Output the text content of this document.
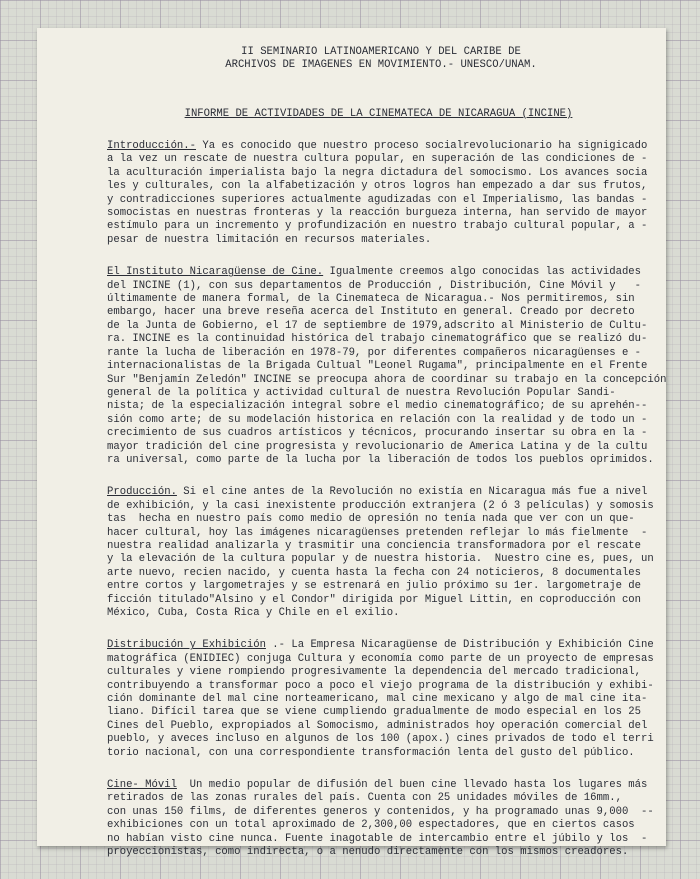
II SEMINARIO LATINOAMERICANO Y DEL CARIBE DE
ARCHIVOS DE IMAGENES EN MOVIMIENTO.- UNESCO/UNAM.
INFORME DE ACTIVIDADES DE LA CINEMATECA DE NICARAGUA (INCINE)
Introducción.- Ya es conocido que nuestro proceso socialrevolucionario ha signigicado
a la vez un rescate de nuestra cultura popular, en superación de las condiciones de -
la aculturación imperialista bajo la negra dictadura del somocismo. Los avances socia
les y culturales, con la alfabetización y otros logros han empezado a dar sus frutos,
y contradicciones superiores actualmente agudizadas con el Imperialismo, las bandas -
somocistas en nuestras fronteras y la reacción burgueza interna, han servido de mayor
estímulo para un incremento y profundización en nuestro trabajo cultural popular, a -
pesar de nuestra limitación en recursos materiales.
El Instituto Nicaragüense de Cine. Igualmente creemos algo conocidas las actividades
del INCINE (1), con sus departamentos de Producción , Distribución, Cine Móvil y   -
últimamente de manera formal, de la Cinemateca de Nicaragua.- Nos permitiremos, sin
embargo, hacer una breve reseña acerca del Instituto en general. Creado por decreto
de la Junta de Gobierno, el 17 de septiembre de 1979,adscrito al Ministerio de Cultu-
ra. INCINE es la continuidad histórica del trabajo cinematográfico que se realizó du-
rante la lucha de liberación en 1978-79, por diferentes compañeros nicaragüenses e -
internacionalistas de la Brigada Cultual "Leonel Rugama", principalmente en el Frente
Sur "Benjamín Zeledón" INCINE se preocupa ahora de coordinar su trabajo en la concepción
general de la política y actividad cultural de nuestra Revolución Popular Sandi-
nista; de la especialización integral sobre el medio cinematográfico; de su aprehén--
sión como arte; de su modelación historica en relación con la realidad y de todo un -
crecimiento de sus cuadros artísticos y técnicos, procurando insertar su obra en la -
mayor tradición del cine progresista y revolucionario de America Latina y de la cultu
ra universal, como parte de la lucha por la liberación de todos los pueblos oprimidos.
Producción. Si el cine antes de la Revolución no existía en Nicaragua más fue a nivel
de exhibición, y la casi inexistente producción extranjera (2 ó 3 películas) y somosis
tas  hecha en nuestro país como medio de opresión no tenía nada que ver con un que-
hacer cultural, hoy las imágenes nicaragüenses pretenden reflejar lo más fielmente  -
nuestra realidad analizarla y trasmitir una conciencia transformadora por el rescate
y la elevación de la cultura popular y de nuestra historia.  Nuestro cine es, pues, un
arte nuevo, recien nacido, y cuenta hasta la fecha con 24 noticieros, 8 documentales
entre cortos y largometrajes y se estrenará en julio próximo su 1er. largometraje de
ficción titulado"Alsino y el Condor" dirigida por Miguel Littin, en coproducción con
México, Cuba, Costa Rica y Chile en el exilio.
Distribución y Exhibición .- La Empresa Nicaragüense de Distribución y Exhibición Cine
matográfica (ENIDIEC) conjuga Cultura y economía como parte de un proyecto de empresas
culturales y viene rompiendo progresivamente la dependencia del mercado tradicional,
contribuyendo a transformar poco a poco el viejo programa de la distribución y exhibi-
ción dominante del mal cine norteamericano, mal cine mexicano y algo de mal cine ita-
liano. Difícil tarea que se viene cumpliendo gradualmente de modo especial en los 25
Cines del Pueblo, expropiados al Somocismo, administrados hoy operación comercial del
pueblo, y aveces incluso en algunos de los 100 (apox.) cines privados de todo el terri
torio nacional, con una correspondiente transformación lenta del gusto del público.
Cine- Móvil  Un medio popular de difusión del buen cine llevado hasta los lugares más
retirados de las zonas rurales del país. Cuenta con 25 unidades móviles de 16mm.,
con unas 150 films, de diferentes generos y contenidos, y ha programado unas 9,000  --
exhibiciones con un total aproximado de 2,300,00 espectadores, que en ciertos casos
no habían visto cine nunca. Fuente inagotable de intercambio entre el júbilo y los  -
proyeccionistas, como indirecta, o a nenudo directamente con los mismos creadores.
